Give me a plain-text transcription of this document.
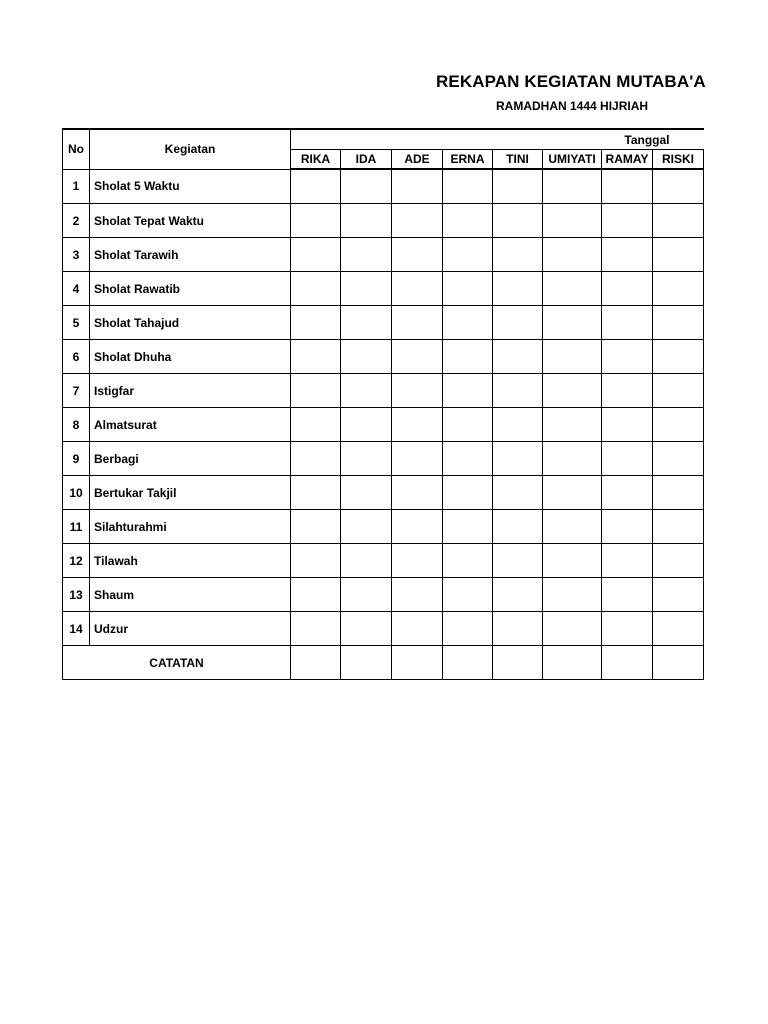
REKAPAN KEGIATAN MUTABA'A
RAMADHAN 1444 HIJRIAH
No	Kegiatan	Tanggal							
		RIKA	IDA	ADE	ERNA	TINI	UMIYATI	RAMAY	RISKI
1	Sholat 5 Waktu								
2	Sholat Tepat Waktu								
3	Sholat Tarawih								
4	Sholat Rawatib								
5	Sholat Tahajud								
6	Sholat Dhuha								
7	Istigfar								
8	Almatsurat								
9	Berbagi								
10	Bertukar Takjil								
11	Silahturahmi								
12	Tilawah								
13	Shaum								
14	Udzur								
CATATAN									
